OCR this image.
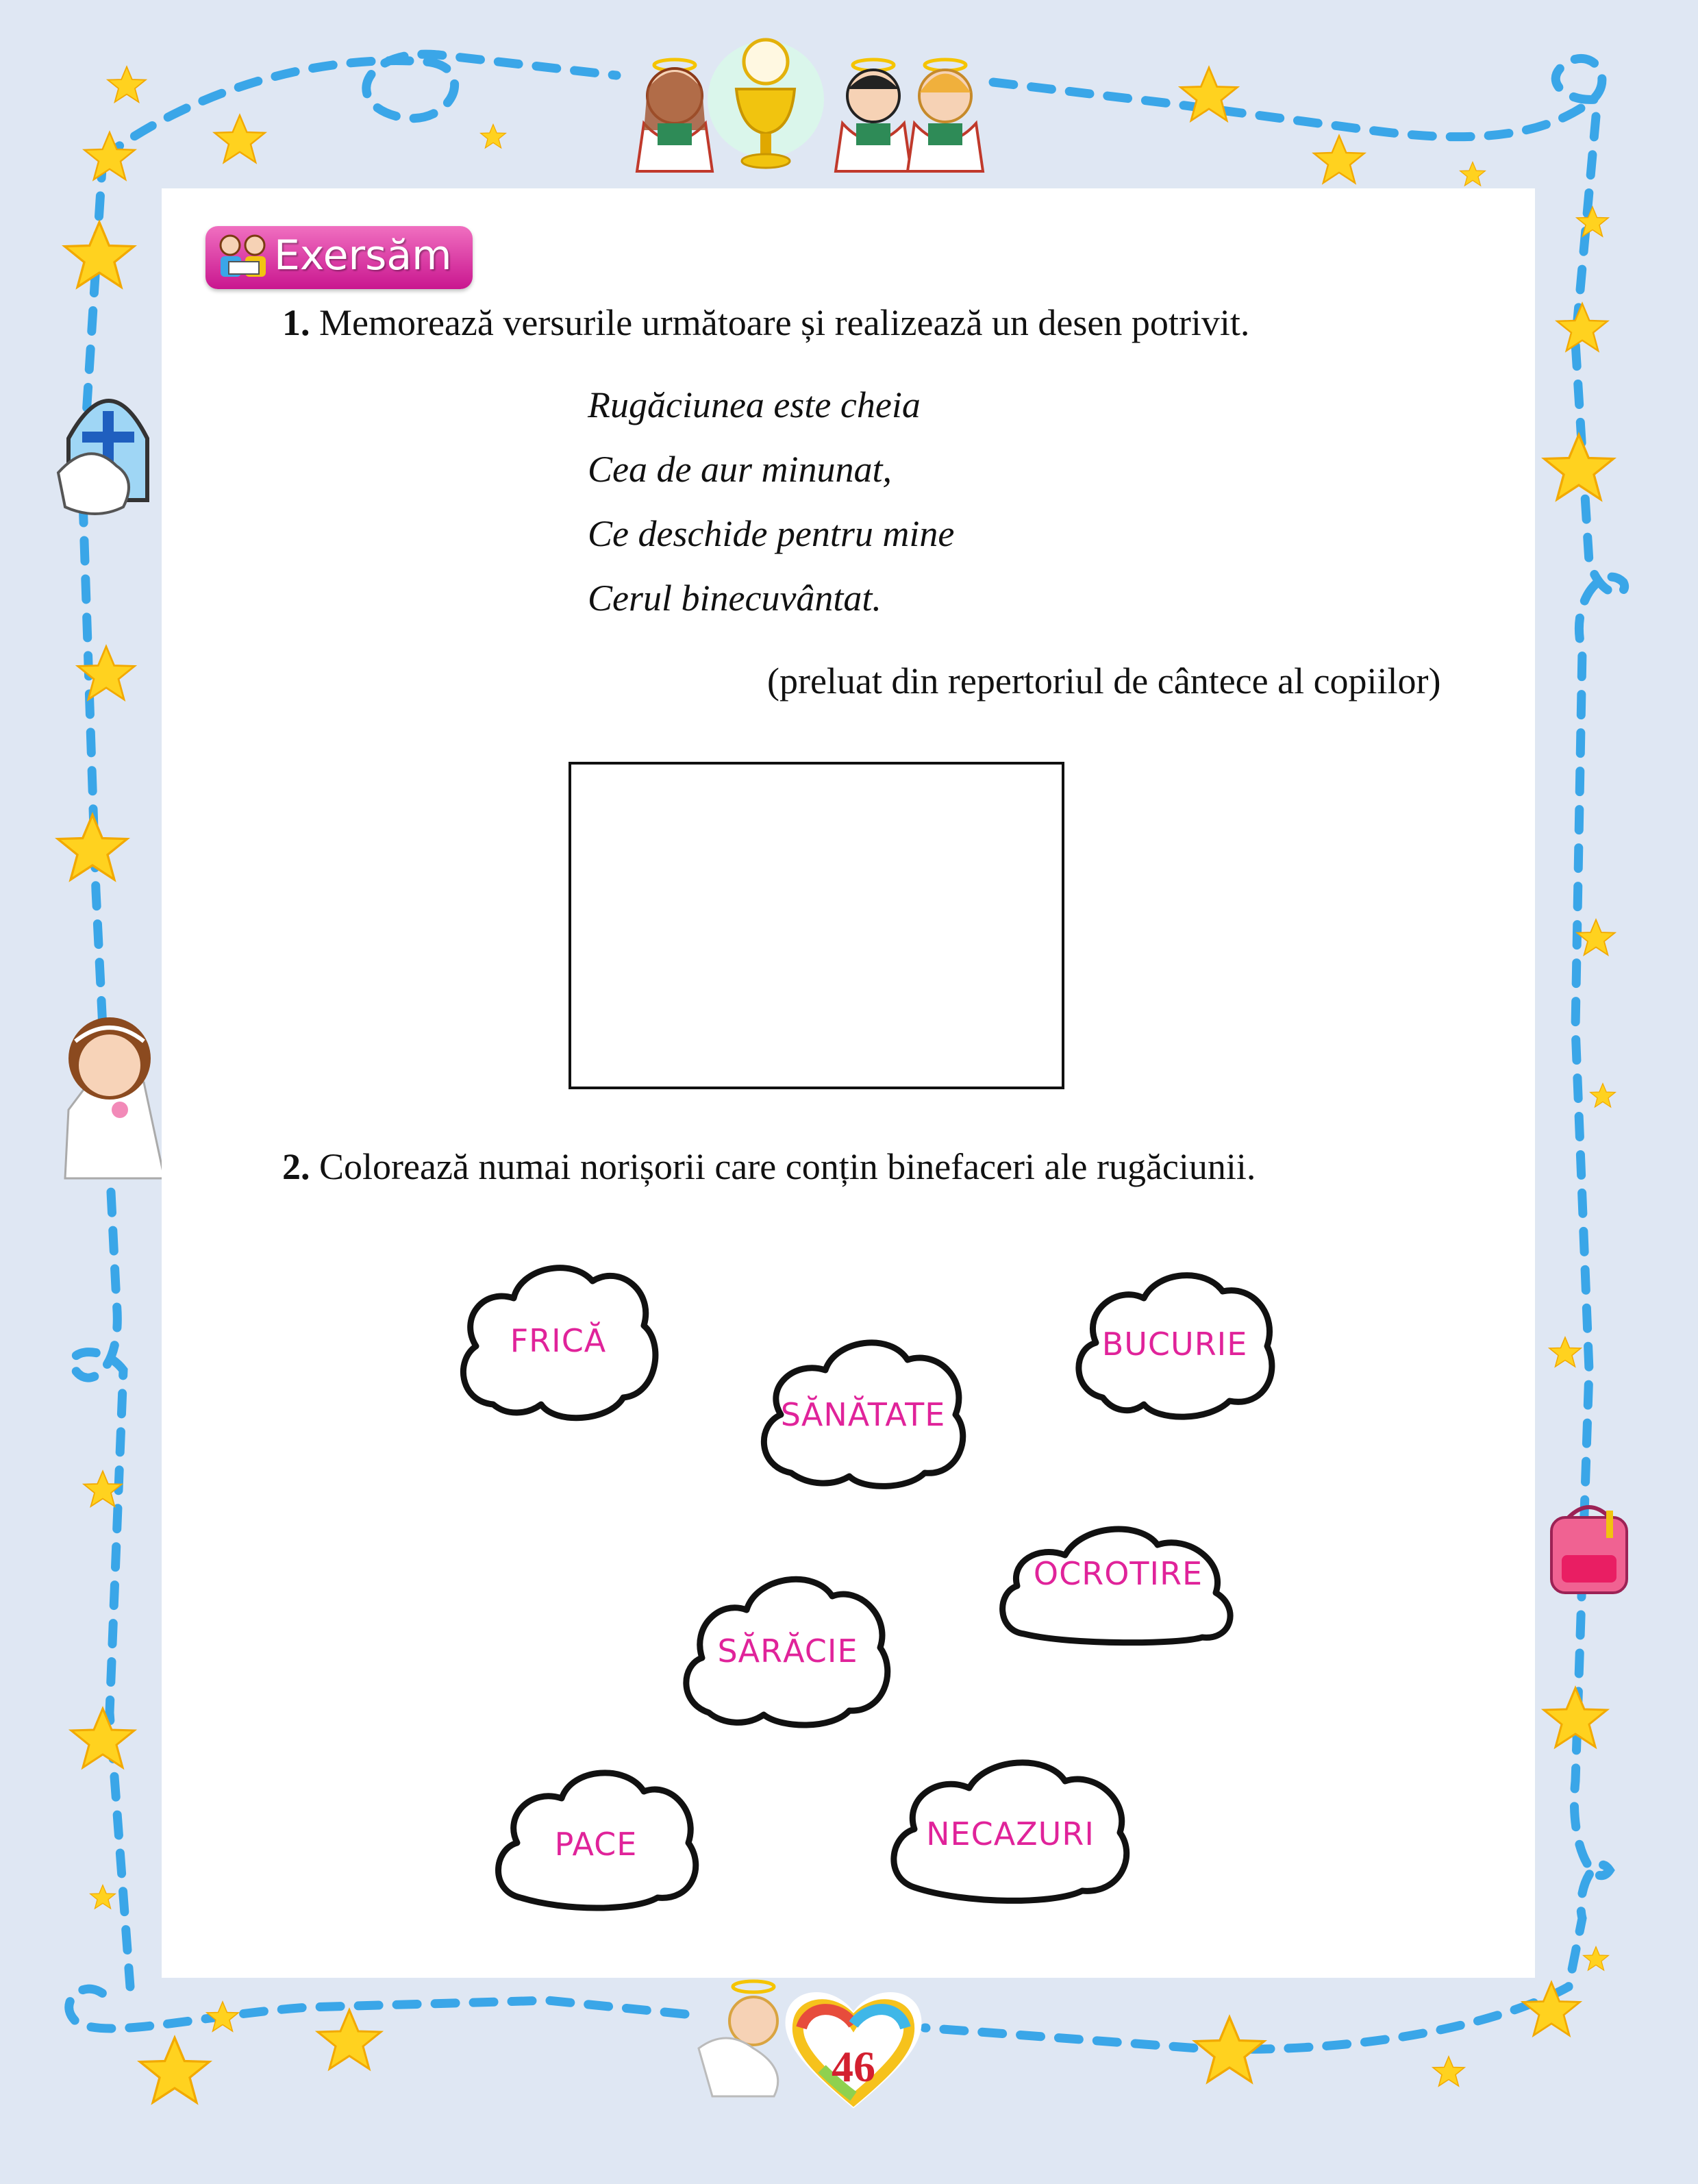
Exersăm
1. Memorează versurile următoare și realizează un desen potrivit.
Rugăciunea este cheia
Cea de aur minunat,
Ce deschide pentru mine
Cerul binecuvântat.
(preluat din repertoriul de cântece al copiilor)
2. Colorează numai norișorii care conțin binefaceri ale rugăciunii.
FRICĂ
SĂNĂTATE
BUCURIE
SĂRĂCIE
OCROTIRE
PACE	NECAZURI
46
